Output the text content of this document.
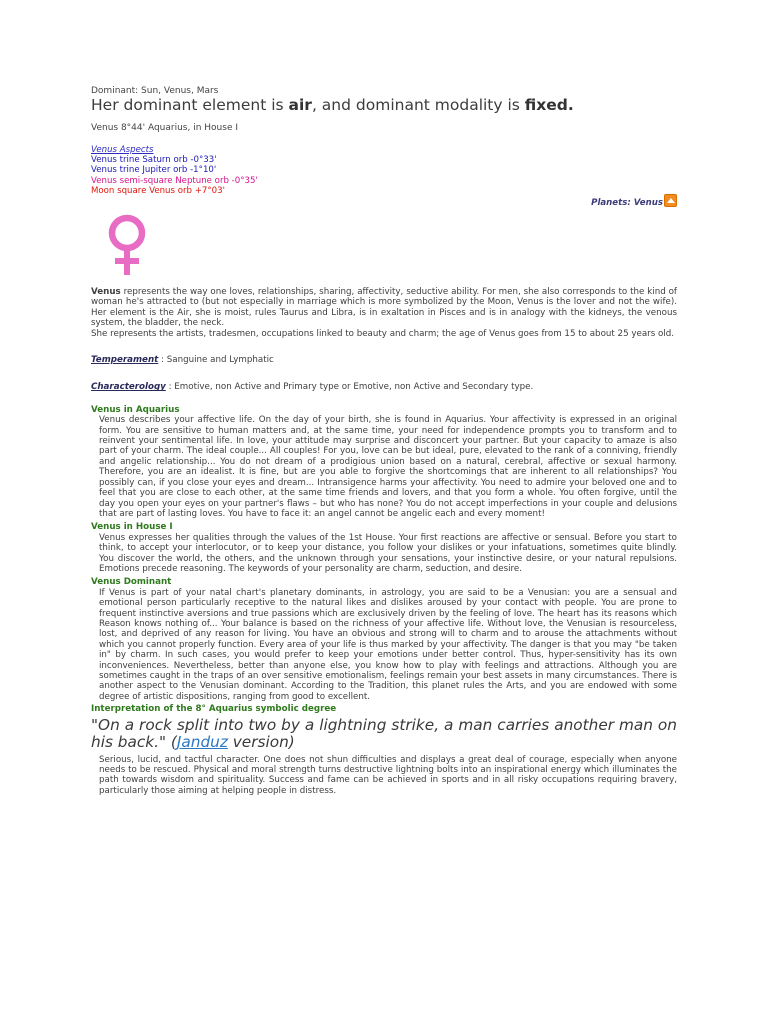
Dominant: Sun, Venus, Mars

Her dominant element is air, and dominant modality is fixed.

Venus 8°44' Aquarius, in House I
Venus Aspects
Venus trine Saturn orb -0°33'
Venus trine Jupiter orb -1°10'
Venus semi-square Neptune orb -0°35'
Moon square Venus orb +7°03'
Planets: Venus

Venus represents the way one loves, relationships, sharing, affectivity, seductive ability. For men, she also corresponds to the kind of woman he's attracted to (but not especially in marriage which is more symbolized by the Moon, Venus is the lover and not the wife). Her element is the Air, she is moist, rules Taurus and Libra, is in exaltation in Pisces and is in analogy with the kidneys, the venous system, the bladder, the neck.

She represents the artists, tradesmen, occupations linked to beauty and charm; the age of Venus goes from 15 to about 25 years old.

Temperament : Sanguine and Lymphatic
Characterology : Emotive, non Active and Primary type or Emotive, non Active and Secondary type.

Venus in Aquarius

Venus describes your affective life. On the day of your birth, she is found in Aquarius. Your affectivity is expressed in an original form. You are sensitive to human matters and, at the same time, your need for independence prompts you to transform and to reinvent your sentimental life. In love, your attitude may surprise and disconcert your partner. But your capacity to amaze is also part of your charm. The ideal couple... All couples! For you, love can be but ideal, pure, elevated to the rank of a conniving, friendly and angelic relationship... You do not dream of a prodigious union based on a natural, cerebral, affective or sexual harmony. Therefore, you are an idealist. It is fine, but are you able to forgive the shortcomings that are inherent to all relationships? You possibly can, if you close your eyes and dream... Intransigence harms your affectivity. You need to admire your beloved one and to feel that you are close to each other, at the same time friends and lovers, and that you form a whole. You often forgive, until the day you open your eyes on your partner's flaws – but who has none? You do not accept imperfections in your couple and delusions that are part of lasting loves. You have to face it: an angel cannot be angelic each and every moment!

Venus in House I

Venus expresses her qualities through the values of the 1st House. Your first reactions are affective or sensual. Before you start to think, to accept your interlocutor, or to keep your distance, you follow your dislikes or your infatuations, sometimes quite blindly. You discover the world, the others, and the unknown through your sensations, your instinctive desire, or your natural repulsions. Emotions precede reasoning. The keywords of your personality are charm, seduction, and desire.

Venus Dominant

If Venus is part of your natal chart's planetary dominants, in astrology, you are said to be a Venusian: you are a sensual and emotional person particularly receptive to the natural likes and dislikes aroused by your contact with people. You are prone to frequent instinctive aversions and true passions which are exclusively driven by the feeling of love. The heart has its reasons which Reason knows nothing of... Your balance is based on the richness of your affective life. Without love, the Venusian is resourceless, lost, and deprived of any reason for living. You have an obvious and strong will to charm and to arouse the attachments without which you cannot properly function. Every area of your life is thus marked by your affectivity. The danger is that you may "be taken in" by charm. In such cases, you would prefer to keep your emotions under better control. Thus, hyper-sensitivity has its own inconveniences. Nevertheless, better than anyone else, you know how to play with feelings and attractions. Although you are sometimes caught in the traps of an over sensitive emotionalism, feelings remain your best assets in many circumstances. There is another aspect to the Venusian dominant. According to the Tradition, this planet rules the Arts, and you are endowed with some degree of artistic dispositions, ranging from good to excellent.

Interpretation of the 8° Aquarius symbolic degree

"On a rock split into two by a lightning strike, a man carries another man on his back." (Janduz version)

Serious, lucid, and tactful character. One does not shun difficulties and displays a great deal of courage, especially when anyone needs to be rescued. Physical and moral strength turns destructive lightning bolts into an inspirational energy which illuminates the path towards wisdom and spirituality. Success and fame can be achieved in sports and in all risky occupations requiring bravery, particularly those aiming at helping people in distress.
